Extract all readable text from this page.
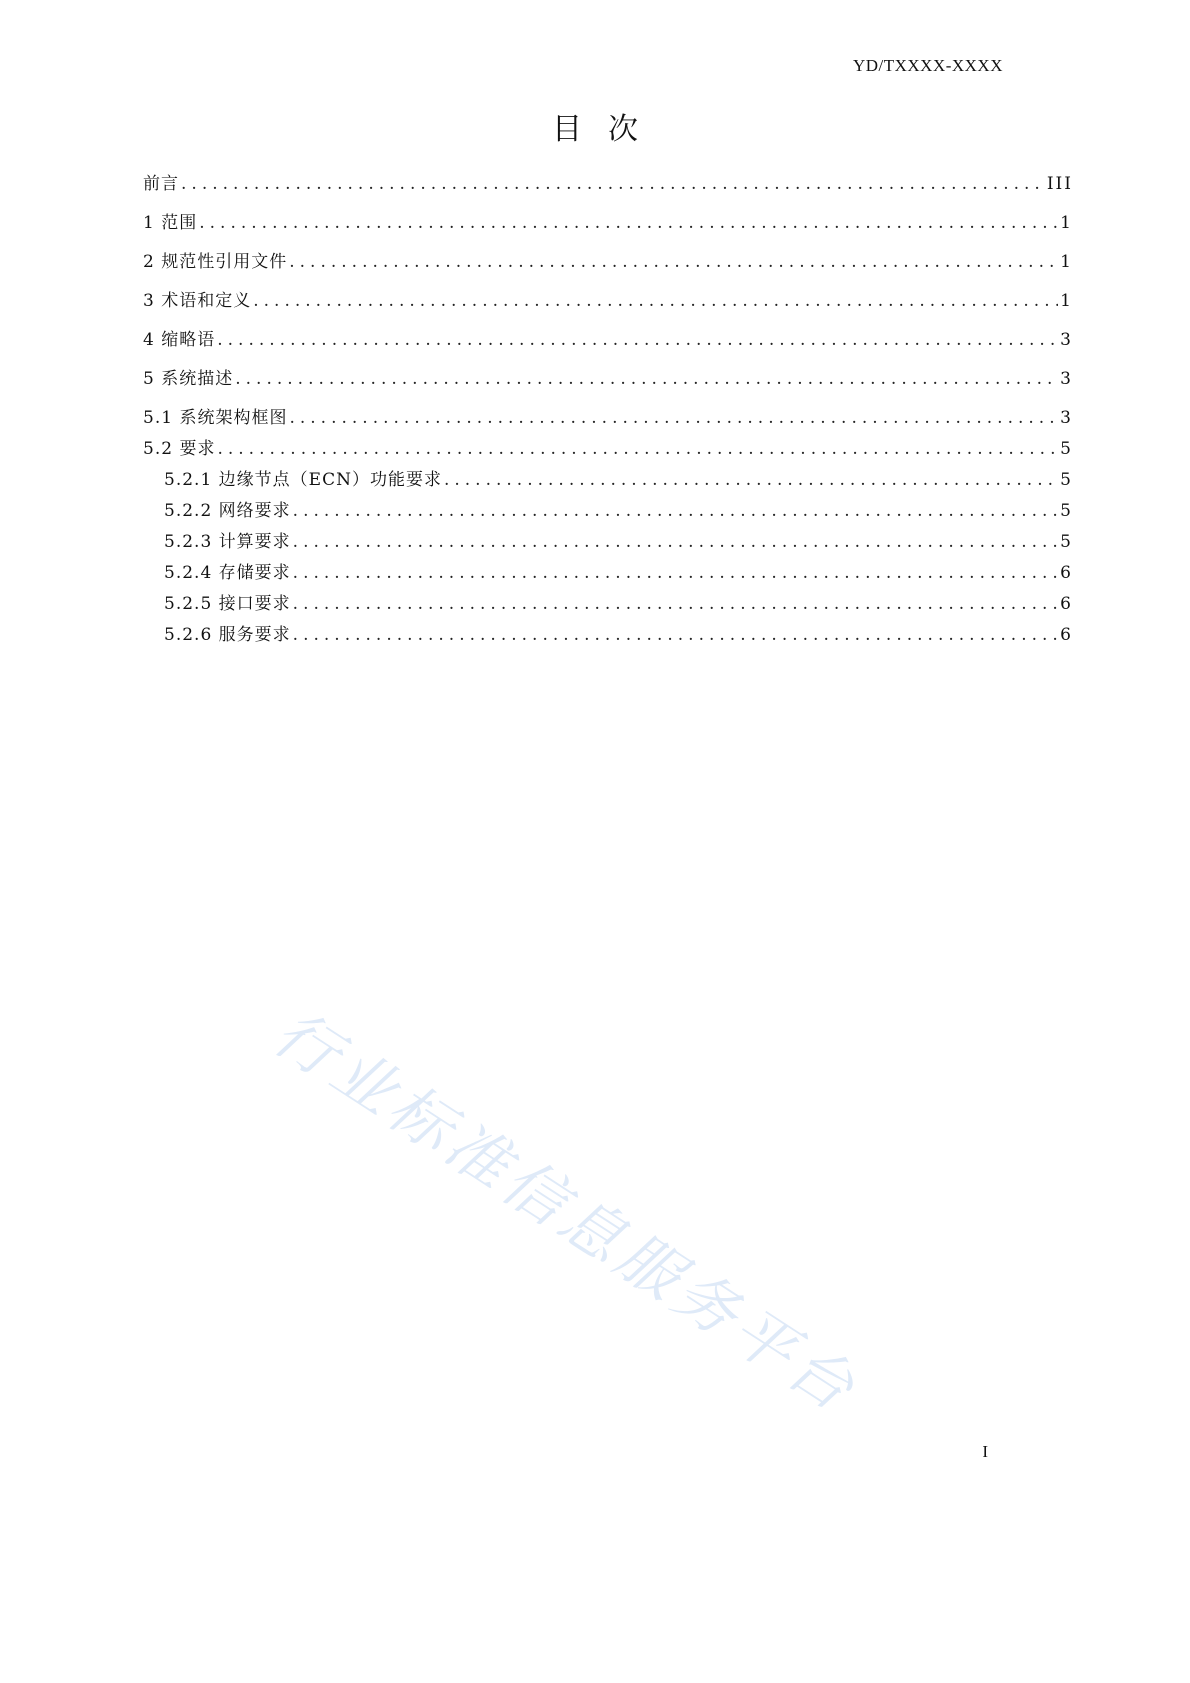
YD/TXXXX-XXXX
目次
前言 . . .	III
1 范围 . . .	1
2 规范性引用文件 . . .	1
3 术语和定义 . . .	1
4 缩略语 . . .	3
5 系统描述 . . .	3
5.1 系统架构框图 . . .	3
5.2 要求 . . .	5
5.2.1 边缘节点（ECN）功能要求 . . .	5
5.2.2 网络要求 . . .	5
5.2.3 计算要求 . . .	5
5.2.4 存储要求 . . .	6
5.2.5 接口要求 . . .	6
5.2.6 服务要求 . . .	6
行业标准信息服务平台
I
